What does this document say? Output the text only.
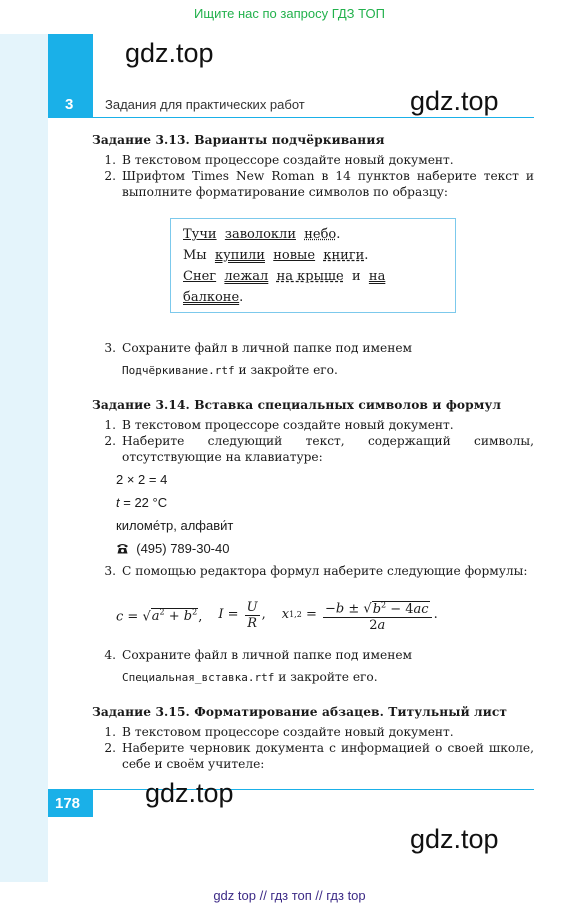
Ищите нас по запросу ГДЗ ТОП
3 Задания для практических работ
gdz.top
gdz.top
Задание 3.13. Варианты подчёркивания
1. В текстовом процессоре создайте новый документ.
2. Шрифтом Times New Roman в 14 пунктов наберите текст и выполните форматирование символов по образцу:
Тучи заволокли небо.
Мы купили новые книги.
Снег лежал на крыше и на балконе.
3. Сохраните файл в личной папке под именем
Подчёркивание.rtf и закройте его.
Задание 3.14. Вставка специальных символов и формул
1. В текстовом процессоре создайте новый документ.
2. Наберите следующий текст, содержащий символы, отсутствующие на клавиатуре:
2 × 2 = 4
t = 22 °C
киломе́тр, алфави́т
(495) 789-30-40
3. С помощью редактора формул наберите следующие формулы:
$c = √a^2 + b^2$, $I = \frac{U}{R}$ , x $1,2 = \frac{-b \pm √b^2 - 4ac}{2a}$ .
4. Сохраните файл в личной папке под именем
Специальная_вставка.rtf и закройте его.
Задание 3.15. Форматирование абзацев. Титульный лист
1. В текстовом процессоре создайте новый документ.
2. Наберите черновик документа с информацией о своей школе, себе и своём учителе:
178 gdz.top
gdz.top
gdz top // гдз топ // гдз top
